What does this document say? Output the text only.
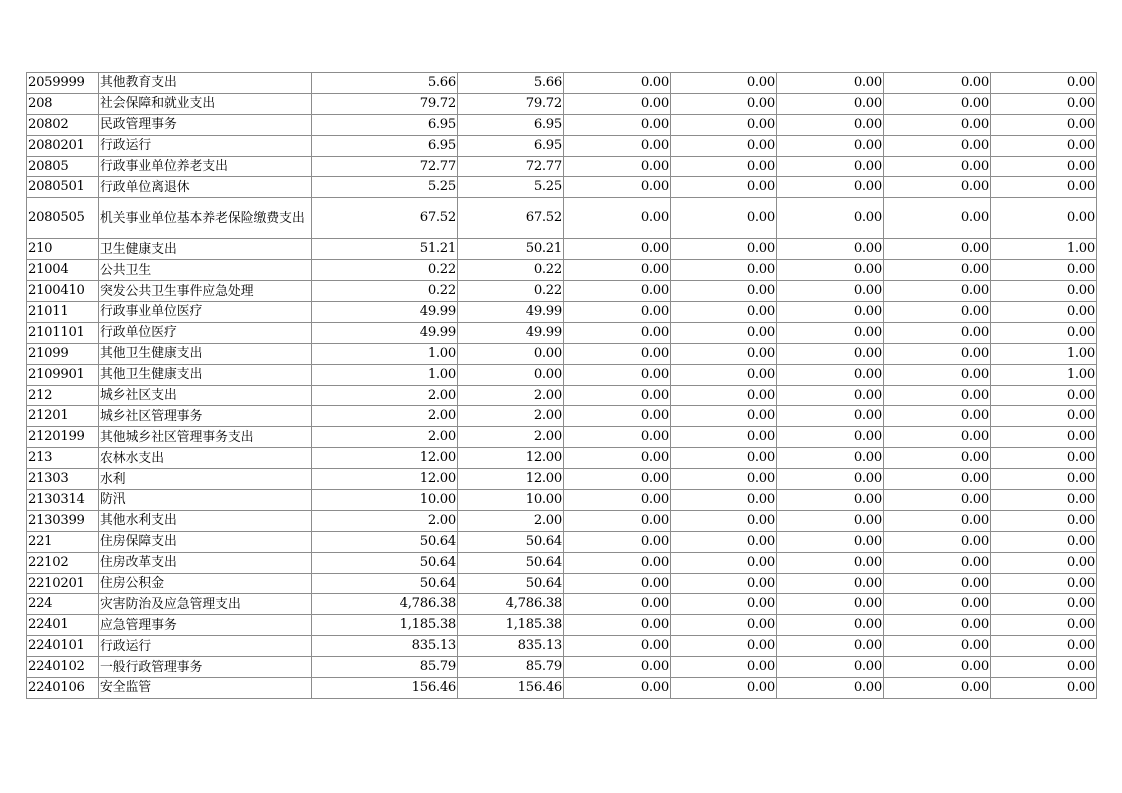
2059999	其他教育支出	5.66	5.66	0.00	0.00	0.00	0.00	0.00
208	社会保障和就业支出	79.72	79.72	0.00	0.00	0.00	0.00	0.00
20802	民政管理事务	6.95	6.95	0.00	0.00	0.00	0.00	0.00
2080201	行政运行	6.95	6.95	0.00	0.00	0.00	0.00	0.00
20805	行政事业单位养老支出	72.77	72.77	0.00	0.00	0.00	0.00	0.00
2080501	行政单位离退休	5.25	5.25	0.00	0.00	0.00	0.00	0.00
2080505	机关事业单位基本养老保险缴费支出	67.52	67.52	0.00	0.00	0.00	0.00	0.00
210	卫生健康支出	51.21	50.21	0.00	0.00	0.00	0.00	1.00
21004	公共卫生	0.22	0.22	0.00	0.00	0.00	0.00	0.00
2100410	突发公共卫生事件应急处理	0.22	0.22	0.00	0.00	0.00	0.00	0.00
21011	行政事业单位医疗	49.99	49.99	0.00	0.00	0.00	0.00	0.00
2101101	行政单位医疗	49.99	49.99	0.00	0.00	0.00	0.00	0.00
21099	其他卫生健康支出	1.00	0.00	0.00	0.00	0.00	0.00	1.00
2109901	其他卫生健康支出	1.00	0.00	0.00	0.00	0.00	0.00	1.00
212	城乡社区支出	2.00	2.00	0.00	0.00	0.00	0.00	0.00
21201	城乡社区管理事务	2.00	2.00	0.00	0.00	0.00	0.00	0.00
2120199	其他城乡社区管理事务支出	2.00	2.00	0.00	0.00	0.00	0.00	0.00
213	农林水支出	12.00	12.00	0.00	0.00	0.00	0.00	0.00
21303	水利	12.00	12.00	0.00	0.00	0.00	0.00	0.00
2130314	防汛	10.00	10.00	0.00	0.00	0.00	0.00	0.00
2130399	其他水利支出	2.00	2.00	0.00	0.00	0.00	0.00	0.00
221	住房保障支出	50.64	50.64	0.00	0.00	0.00	0.00	0.00
22102	住房改革支出	50.64	50.64	0.00	0.00	0.00	0.00	0.00
2210201	住房公积金	50.64	50.64	0.00	0.00	0.00	0.00	0.00
224	灾害防治及应急管理支出	4,786.38	4,786.38	0.00	0.00	0.00	0.00	0.00
22401	应急管理事务	1,185.38	1,185.38	0.00	0.00	0.00	0.00	0.00
2240101	行政运行	835.13	835.13	0.00	0.00	0.00	0.00	0.00
2240102	一般行政管理事务	85.79	85.79	0.00	0.00	0.00	0.00	0.00
2240106	安全监管	156.46	156.46	0.00	0.00	0.00	0.00	0.00
